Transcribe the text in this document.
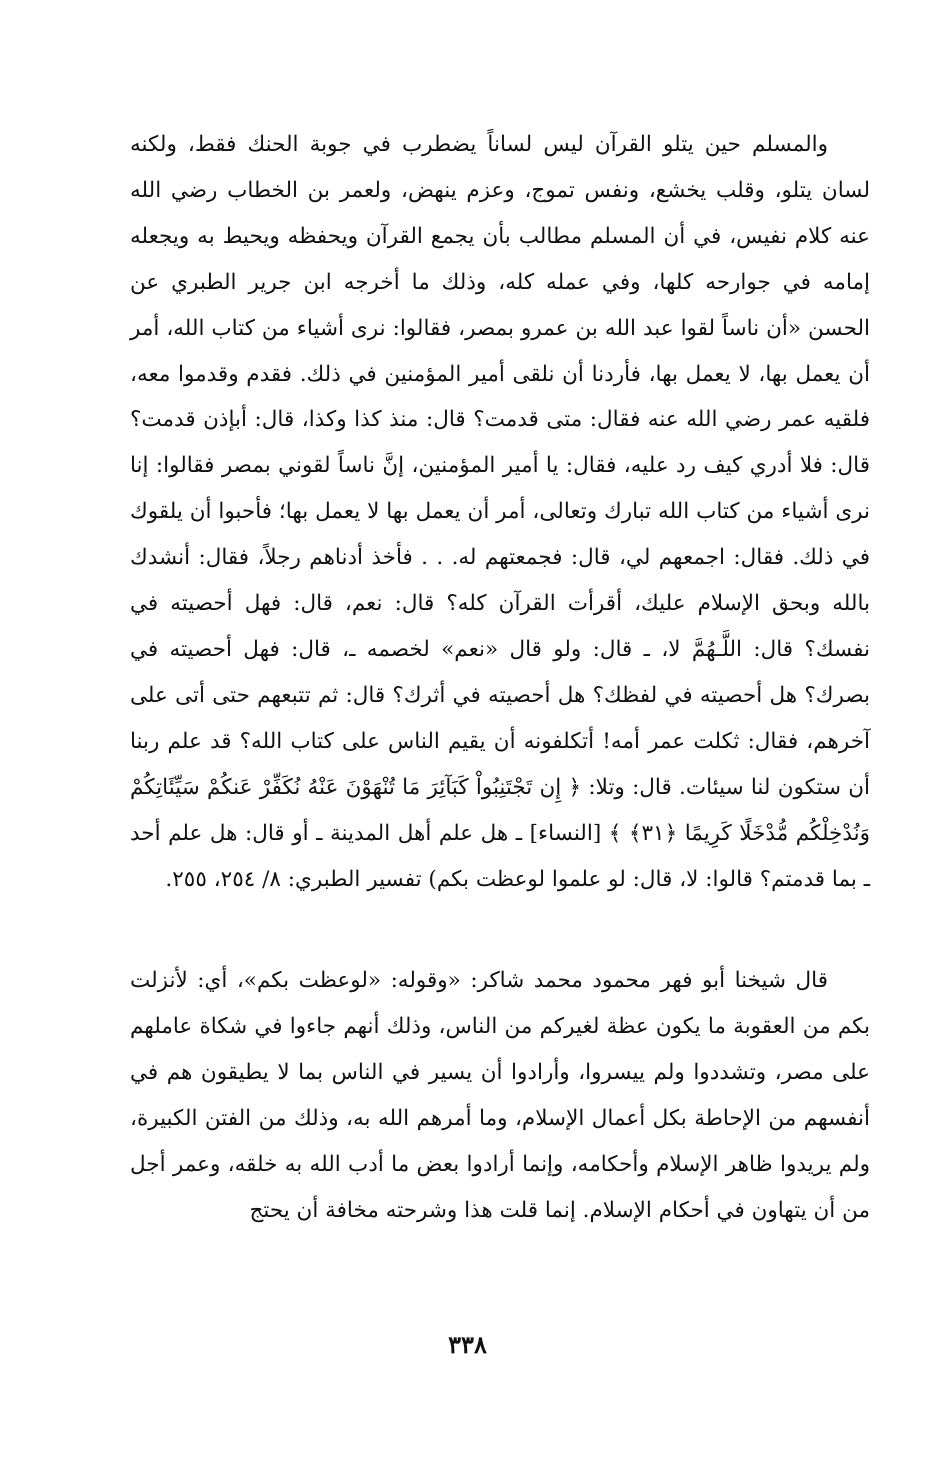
والمسلم حين يتلو القرآن ليس لساناً يضطرب في جوبة الحنك فقط، ولكنه لسان يتلو، وقلب يخشع، ونفس تموج، وعزم ينهض، ولعمر بن الخطاب رضي الله عنه كلام نفيس، في أن المسلم مطالب بأن يجمع القرآن ويحفظه ويحيط به ويجعله إمامه في جوارحه كلها، وفي عمله كله، وذلك ما أخرجه ابن جرير الطبري عن الحسن «أن ناساً لقوا عبد الله بن عمرو بمصر، فقالوا: نرى أشياء من كتاب الله، أمر أن يعمل بها، لا يعمل بها، فأردنا أن نلقى أمير المؤمنين في ذلك. فقدم وقدموا معه، فلقيه عمر رضي الله عنه فقال: متى قدمت؟ قال: منذ كذا وكذا، قال: أبإذن قدمت؟ قال: فلا أدري كيف رد عليه، فقال: يا أمير المؤمنين، إنَّ ناساً لقوني بمصر فقالوا: إنا نرى أشياء من كتاب الله تبارك وتعالى، أمر أن يعمل بها لا يعمل بها؛ فأحبوا أن يلقوك في ذلك. فقال: اجمعهم لي، قال: فجمعتهم له. . . فأخذ أدناهم رجلاً، فقال: أنشدك بالله وبحق الإسلام عليك، أقرأت القرآن كله؟ قال: نعم، قال: فهل أحصيته في نفسك؟ قال: اللَّـهُمَّ لا، ـ قال: ولو قال «نعم» لخصمه ـ، قال: فهل أحصيته في بصرك؟ هل أحصيته في لفظك؟ هل أحصيته في أثرك؟ قال: ثم تتبعهم حتى أتى على آخرهم، فقال: ثكلت عمر أمه! أتكلفونه أن يقيم الناس على كتاب الله؟ قد علم ربنا أن ستكون لنا سيئات. قال: وتلا: ﴿ إِن تَجْتَنِبُواْ كَبَآئِرَ مَا تُنْهَوْنَ عَنْهُ نُكَفِّرْ عَنكُمْ سَيِّئَاتِكُمْ وَنُدْخِلْكُم مُّدْخَلًا كَرِيمًا ﴿٣١﴾ ﴾ [النساء] ـ هل علم أهل المدينة ـ أو قال: هل علم أحد ـ بما قدمتم؟ قالوا: لا، قال: لو علموا لوعظت بكم) تفسير الطبري: ٨/ ٢٥٤، ٢٥٥.

قال شيخنا أبو فهر محمود محمد شاكر: «وقوله: «لوعظت بكم»، أي: لأنزلت بكم من العقوبة ما يكون عظة لغيركم من الناس، وذلك أنهم جاءوا في شكاة عاملهم على مصر، وتشددوا ولم ييسروا، وأرادوا أن يسير في الناس بما لا يطيقون هم في أنفسهم من الإحاطة بكل أعمال الإسلام، وما أمرهم الله به، وذلك من الفتن الكبيرة، ولم يريدوا ظاهر الإسلام وأحكامه، وإنما أرادوا بعض ما أدب الله به خلقه، وعمر أجل من أن يتهاون في أحكام الإسلام. إنما قلت هذا وشرحته مخافة أن يحتج

٣٣٨
